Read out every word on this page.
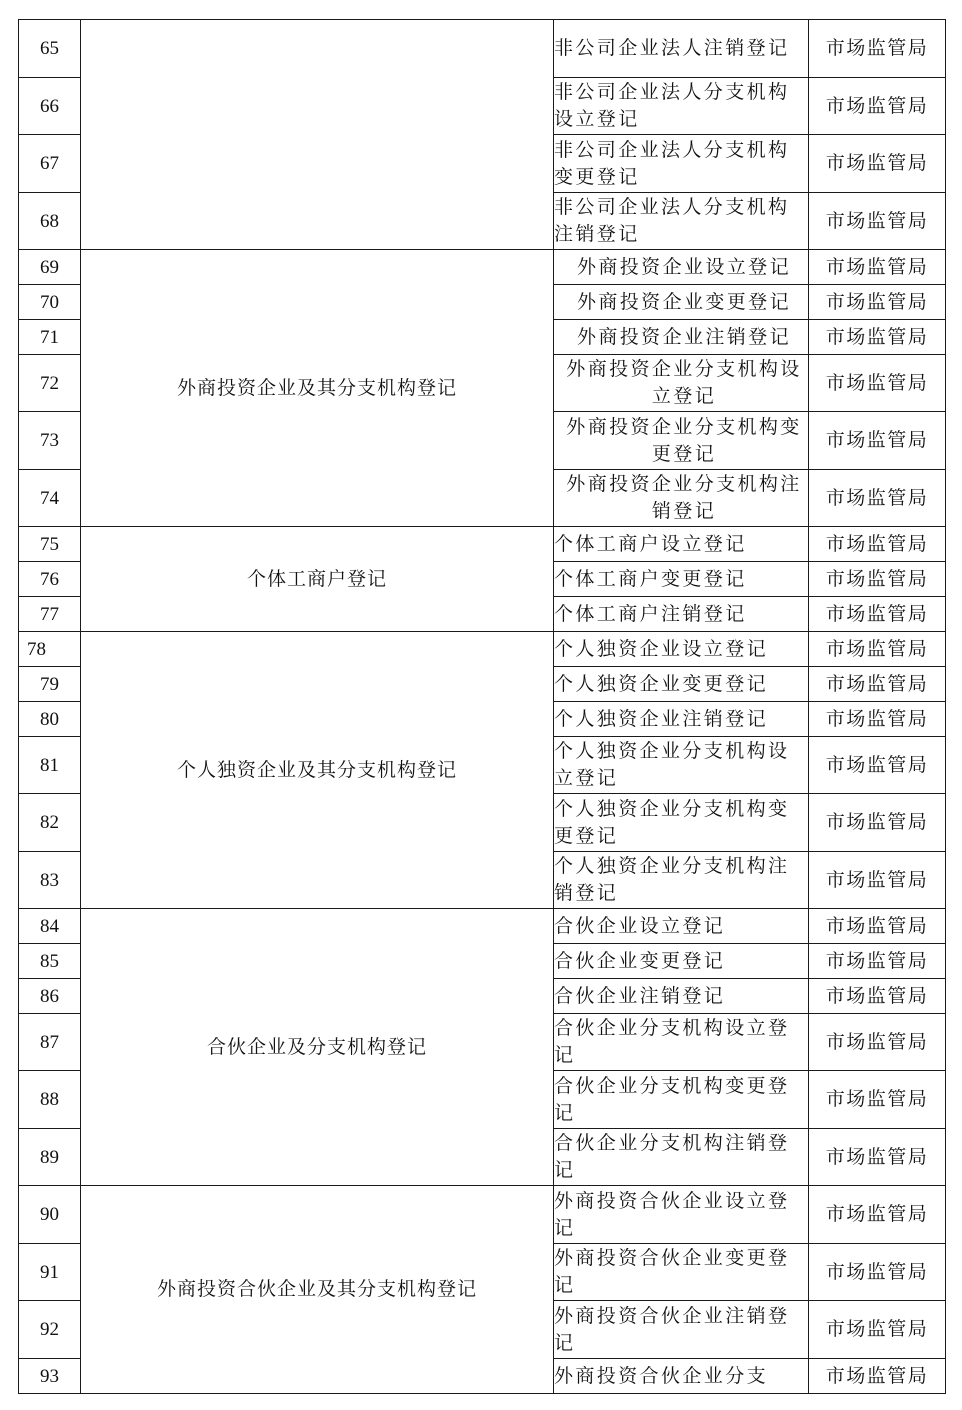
65		非公司企业法人注销登记	市场监管局
66		非公司企业法人分支机构设立登记	市场监管局
67		非公司企业法人分支机构变更登记	市场监管局
68		非公司企业法人分支机构注销登记	市场监管局
69	外商投资企业及其分支机构登记	外商投资企业设立登记	市场监管局
70		外商投资企业变更登记	市场监管局
71		外商投资企业注销登记	市场监管局
72		外商投资企业分支机构设立登记	市场监管局
73		外商投资企业分支机构变更登记	市场监管局
74		外商投资企业分支机构注销登记	市场监管局
75	个体工商户登记	个体工商户设立登记	市场监管局
76		个体工商户变更登记	市场监管局
77		个体工商户注销登记	市场监管局
78	个人独资企业及其分支机构登记	个人独资企业设立登记	市场监管局
79		个人独资企业变更登记	市场监管局
80		个人独资企业注销登记	市场监管局
81		个人独资企业分支机构设立登记	市场监管局
82		个人独资企业分支机构变更登记	市场监管局
83		个人独资企业分支机构注销登记	市场监管局
84	合伙企业及分支机构登记	合伙企业设立登记	市场监管局
85		合伙企业变更登记	市场监管局
86		合伙企业注销登记	市场监管局
87		合伙企业分支机构设立登记	市场监管局
88		合伙企业分支机构变更登记	市场监管局
89		合伙企业分支机构注销登记	市场监管局
90	外商投资合伙企业及其分支机构登记	外商投资合伙企业设立登记	市场监管局
91		外商投资合伙企业变更登记	市场监管局
92		外商投资合伙企业注销登记	市场监管局
93		外商投资合伙企业分支	市场监管局
